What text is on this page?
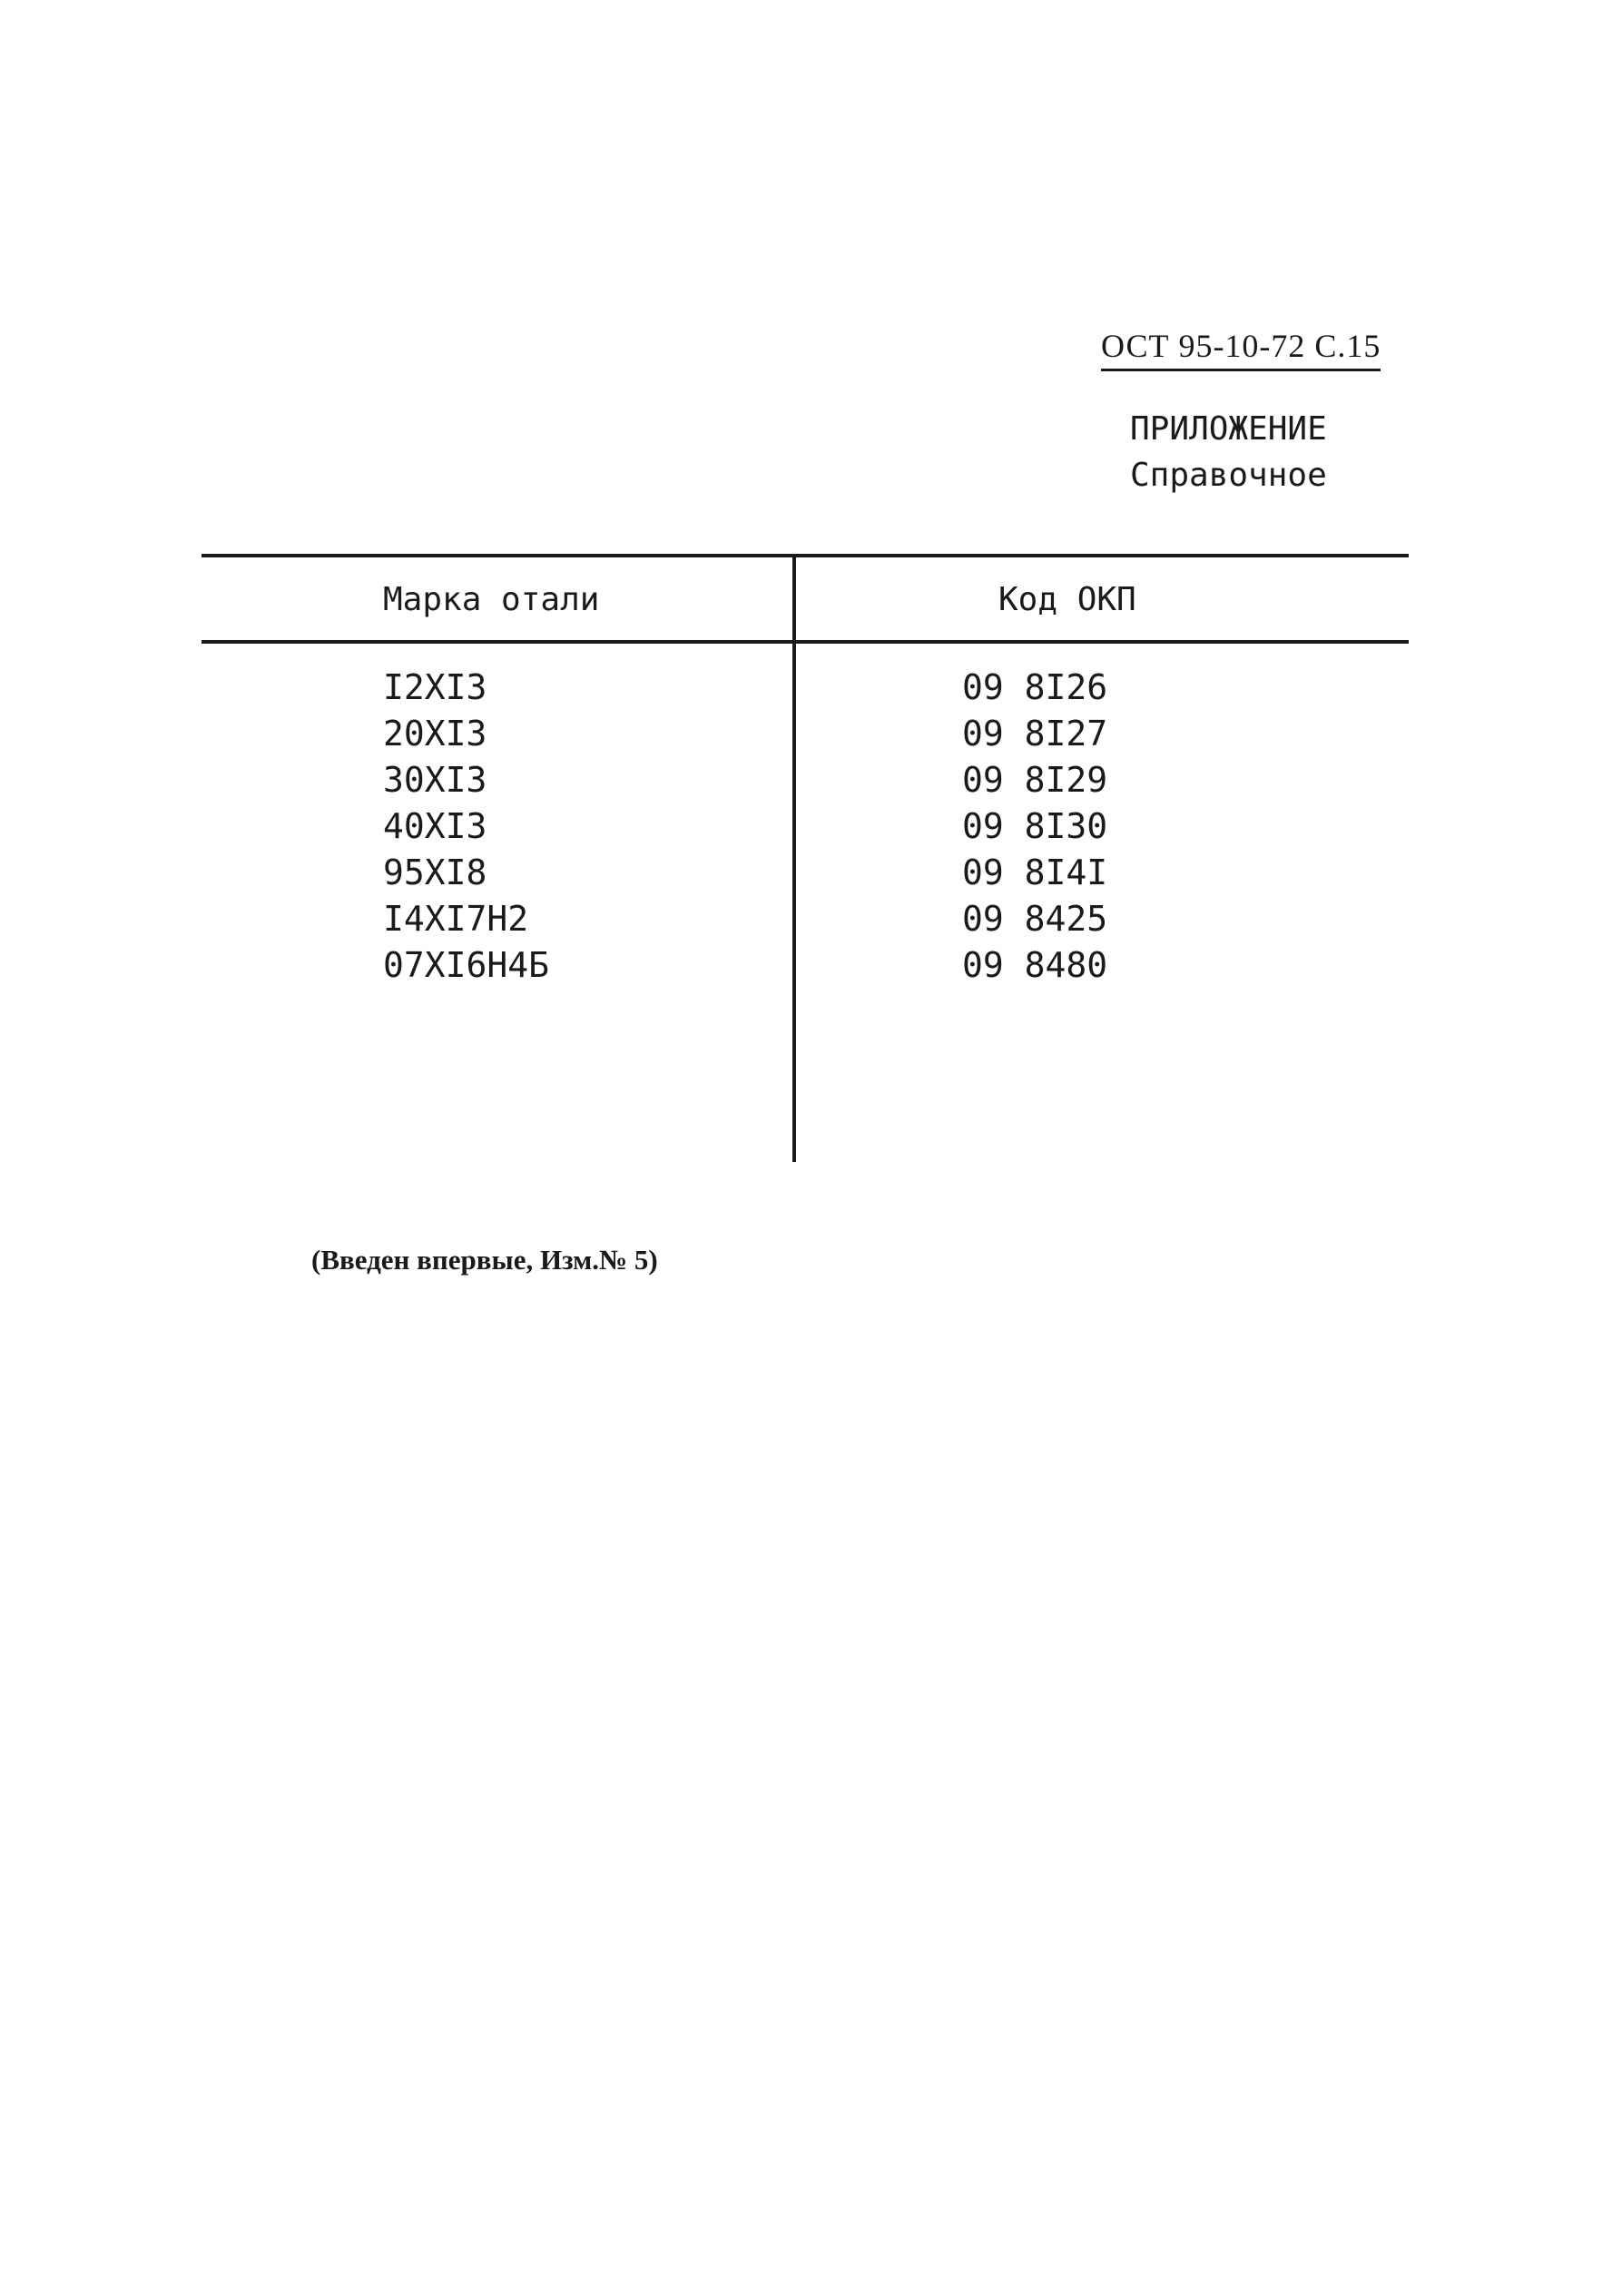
ОСТ 95-10-72 С.15
ПРИЛОЖЕНИЕ
Справочное
Марка отали	Код ОКП
I2XI3
20XI3
30XI3
40XI3
95XI8
I4XI7H2
07XI6H4Б
09 8I26
09 8I27
09 8I29
09 8I30
09 8I4I
09 8425
09 8480
(Введен впервые, Изм.№ 5)
